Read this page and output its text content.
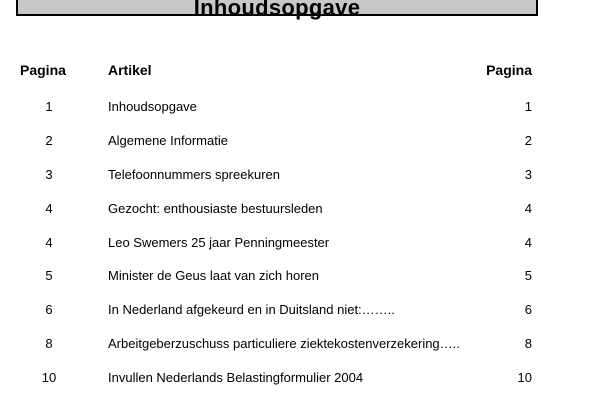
Inhoudsopgave
Pagina	Artikel	Pagina
1	Inhoudsopgave	1
2	Algemene Informatie	2
3	Telefoonnummers spreekuren	3
4	Gezocht: enthousiaste bestuursleden	4
4	Leo Swemers 25 jaar Penningmeester	4
5	Minister de Geus laat van zich horen	5
6	In Nederland afgekeurd en in Duitsland niet:……..	6
8	Arbeitgeberzuschuss particuliere ziektekostenverzekering…..	8
10	Invullen Nederlands Belastingformulier 2004	10
